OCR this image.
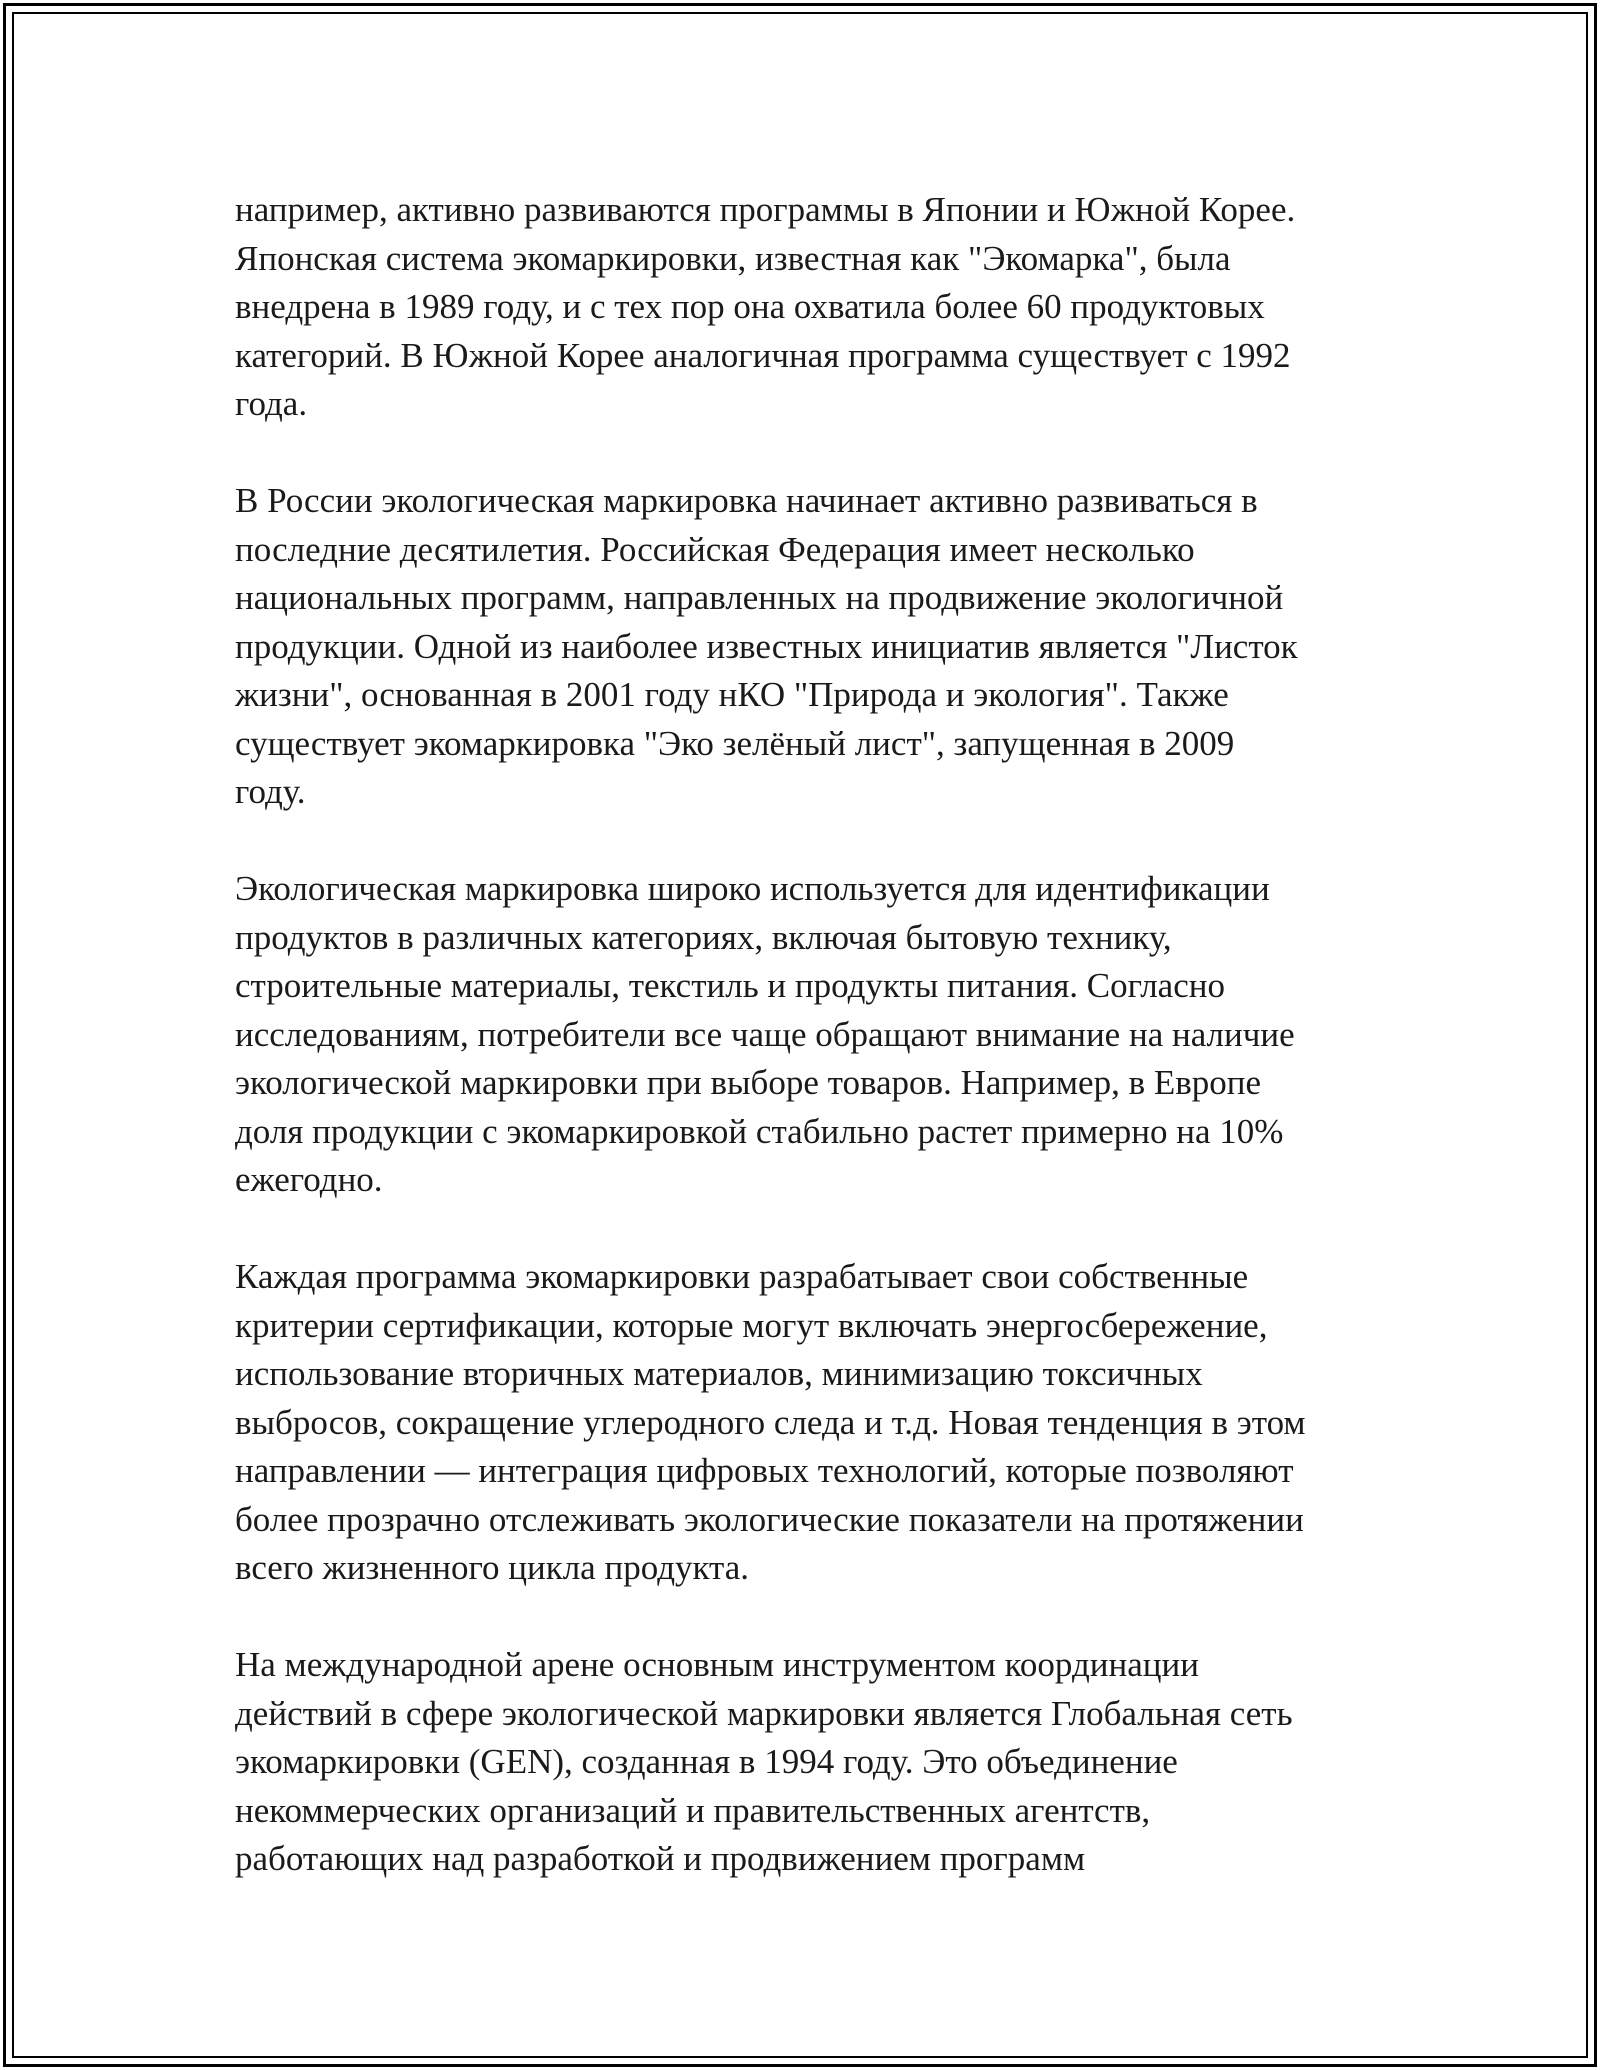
например, активно развиваются программы в Японии и Южной Корее.
Японская система экомаркировки, известная как "Экомарка", была
внедрена в 1989 году, и с тех пор она охватила более 60 продуктовых
категорий. В Южной Корее аналогичная программа существует с 1992
года.

В России экологическая маркировка начинает активно развиваться в
последние десятилетия. Российская Федерация имеет несколько
национальных программ, направленных на продвижение экологичной
продукции. Одной из наиболее известных инициатив является "Листок
жизни", основанная в 2001 году нКО "Природа и экология". Также
существует экомаркировка "Эко зелёный лист", запущенная в 2009
году.

Экологическая маркировка широко используется для идентификации
продуктов в различных категориях, включая бытовую технику,
строительные материалы, текстиль и продукты питания. Согласно
исследованиям, потребители все чаще обращают внимание на наличие
экологической маркировки при выборе товаров. Например, в Европе
доля продукции с экомаркировкой стабильно растет примерно на 10%
ежегодно.

Каждая программа экомаркировки разрабатывает свои собственные
критерии сертификации, которые могут включать энергосбережение,
использование вторичных материалов, минимизацию токсичных
выбросов, сокращение углеродного следа и т.д. Новая тенденция в этом
направлении — интеграция цифровых технологий, которые позволяют
более прозрачно отслеживать экологические показатели на протяжении
всего жизненного цикла продукта.

На международной арене основным инструментом координации
действий в сфере экологической маркировки является Глобальная сеть
экомаркировки (GEN), созданная в 1994 году. Это объединение
некоммерческих организаций и правительственных агентств,
работающих над разработкой и продвижением программ
